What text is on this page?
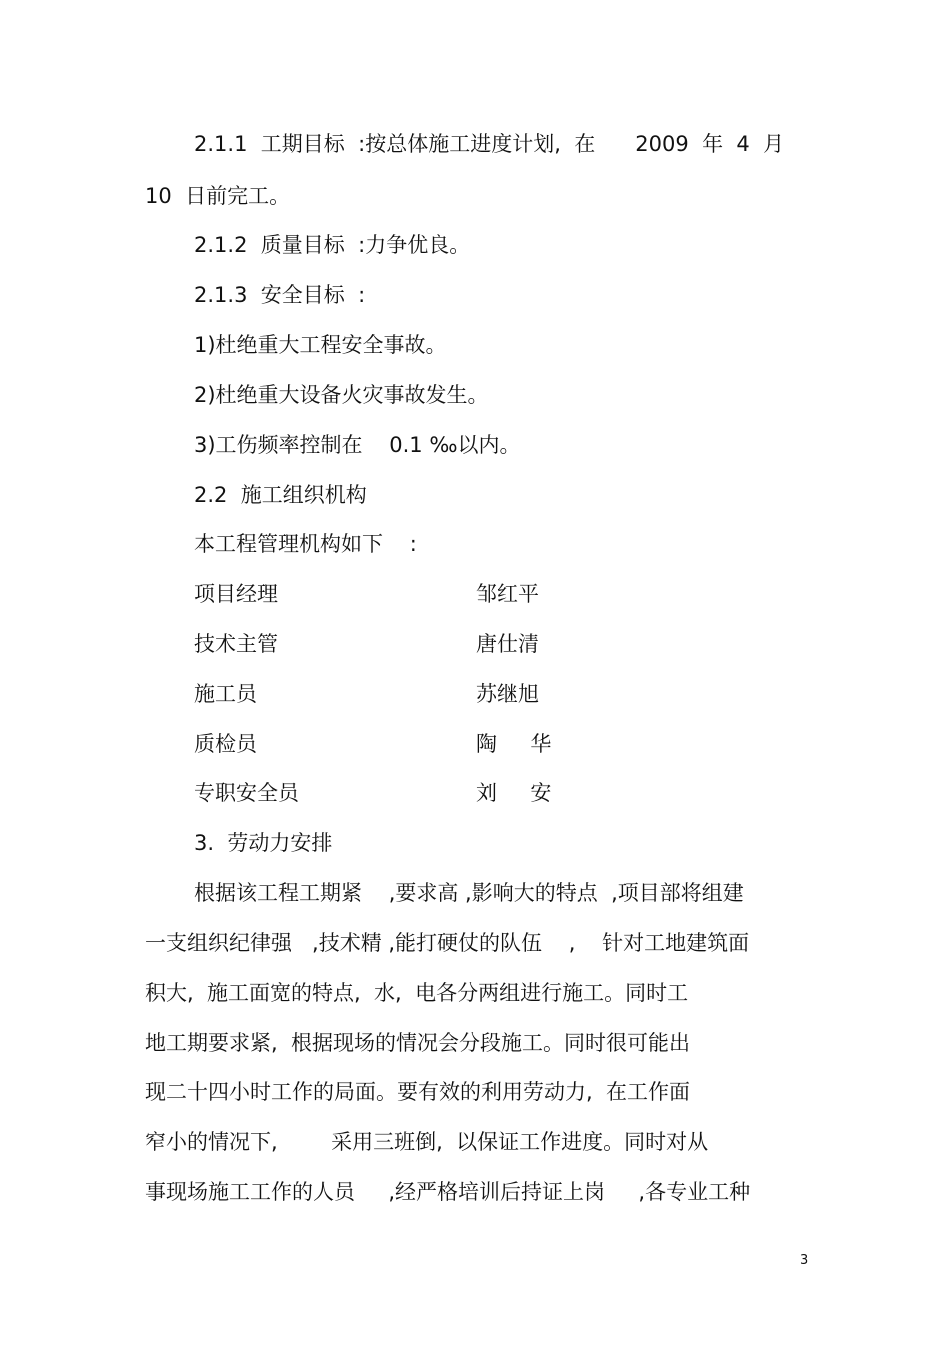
2.1.1  工期目标  :按总体施工进度计划,  在      2009  年  4  月
10  日前完工。
2.1.2  质量目标  :力争优良。
2.1.3  安全目标  :
1)杜绝重大工程安全事故。
2)杜绝重大设备火灾事故发生。
3)工伤频率控制在    0.1 ‰以内。
2.2  施工组织机构
本工程管理机构如下    :
项目经理	邹红平
技术主管	唐仕清
施工员	苏继旭
质检员	陶     华
专职安全员	刘     安
3.  劳动力安排
根据该工程工期紧    ,要求高 ,影响大的特点  ,项目部将组建
一支组织纪律强   ,技术精 ,能打硬仗的队伍    ,    针对工地建筑面
积大,  施工面宽的特点,  水,  电各分两组进行施工。同时工
地工期要求紧,  根据现场的情况会分段施工。同时很可能出
现二十四小时工作的局面。要有效的利用劳动力,  在工作面
窄小的情况下,        采用三班倒,  以保证工作进度。同时对从
事现场施工工作的人员     ,经严格培训后持证上岗     ,各专业工种
3
